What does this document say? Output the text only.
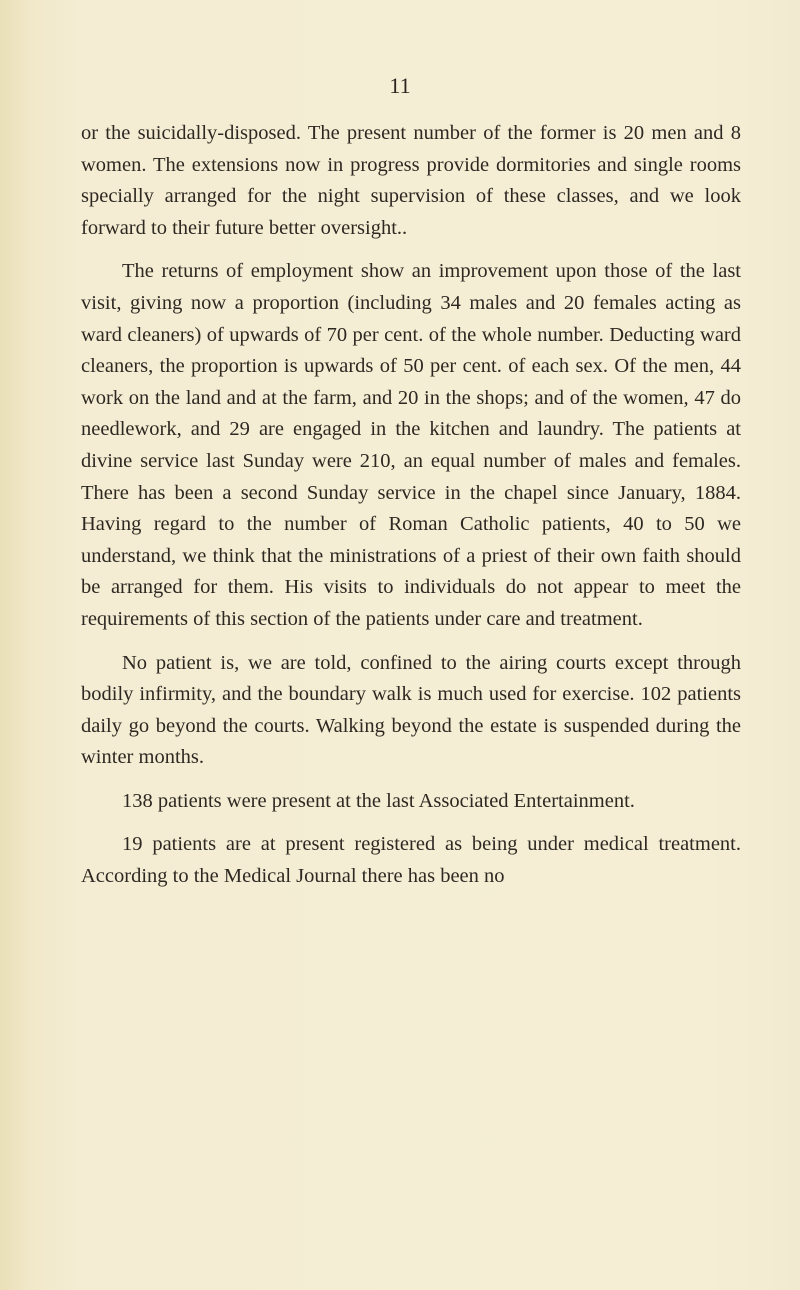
11

or the suicidally-disposed. The present number of the former is 20 men and 8 women. The extensions now in progress provide dormitories and single rooms specially arranged for the night supervision of these classes, and we look forward to their future better oversight..

The returns of employment show an improvement upon those of the last visit, giving now a proportion (including 34 males and 20 females acting as ward cleaners) of upwards of 70 per cent. of the whole number. Deducting ward cleaners, the proportion is upwards of 50 per cent. of each sex. Of the men, 44 work on the land and at the farm, and 20 in the shops; and of the women, 47 do needlework, and 29 are engaged in the kitchen and laundry. The patients at divine service last Sunday were 210, an equal number of males and females. There has been a second Sunday service in the chapel since January, 1884. Having regard to the number of Roman Catholic patients, 40 to 50 we understand, we think that the ministrations of a priest of their own faith should be arranged for them. His visits to individuals do not appear to meet the requirements of this section of the patients under care and treatment.

No patient is, we are told, confined to the airing courts except through bodily infirmity, and the boundary walk is much used for exercise. 102 patients daily go beyond the courts. Walking beyond the estate is suspended during the winter months.

138 patients were present at the last Associated Entertainment.

19 patients are at present registered as being under medical treatment. According to the Medical Journal there has been no
